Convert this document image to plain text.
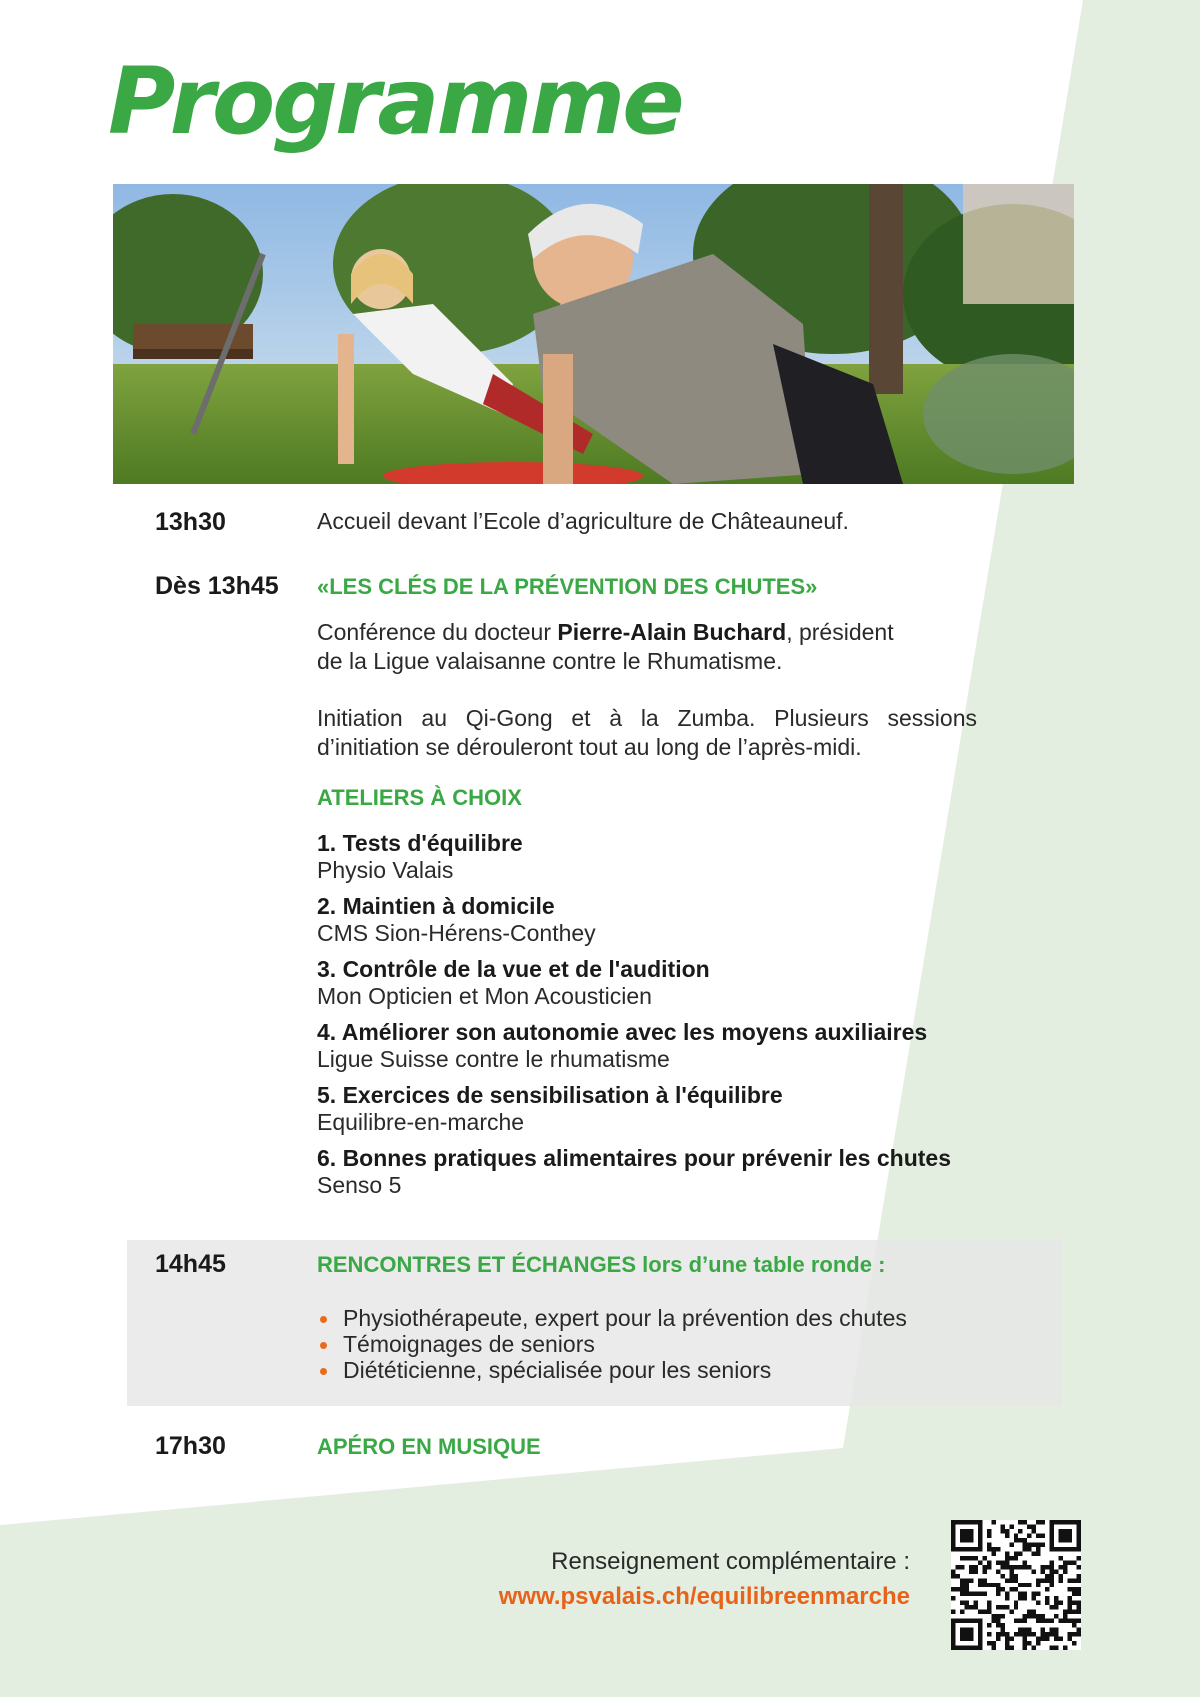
Programme
13h30	Accueil devant l’Ecole d’agriculture de Châteauneuf.
Dès 13h45 «LES CLÉS DE LA PRÉVENTION DES CHUTES»
Conférence du docteur Pierre-Alain Buchard, président
de la Ligue valaisanne contre le Rhumatisme.
Initiation au Qi-Gong et à la Zumba. Plusieurs sessions
d’initiation se dérouleront tout au long de l’après-midi.
ATELIERS À CHOIX
1. Tests d'équilibre
Physio Valais
2. Maintien à domicile
CMS Sion-Hérens-Conthey
3. Contrôle de la vue et de l'audition
Mon Opticien et Mon Acousticien
4. Améliorer son autonomie avec les moyens auxiliaires
Ligue Suisse contre le rhumatisme
5. Exercices de sensibilisation à l'équilibre
Equilibre-en-marche
6. Bonnes pratiques alimentaires pour prévenir les chutes
Senso 5
14h45	RENCONTRES ET ÉCHANGES lors d’une table ronde :
Physiothérapeute, expert pour la prévention des chutes
Témoignages de seniors
Diététicienne, spécialisée pour les seniors
17h30	APÉRO EN MUSIQUE
Renseignement complémentaire :
www.psvalais.ch/equilibreenmarche
